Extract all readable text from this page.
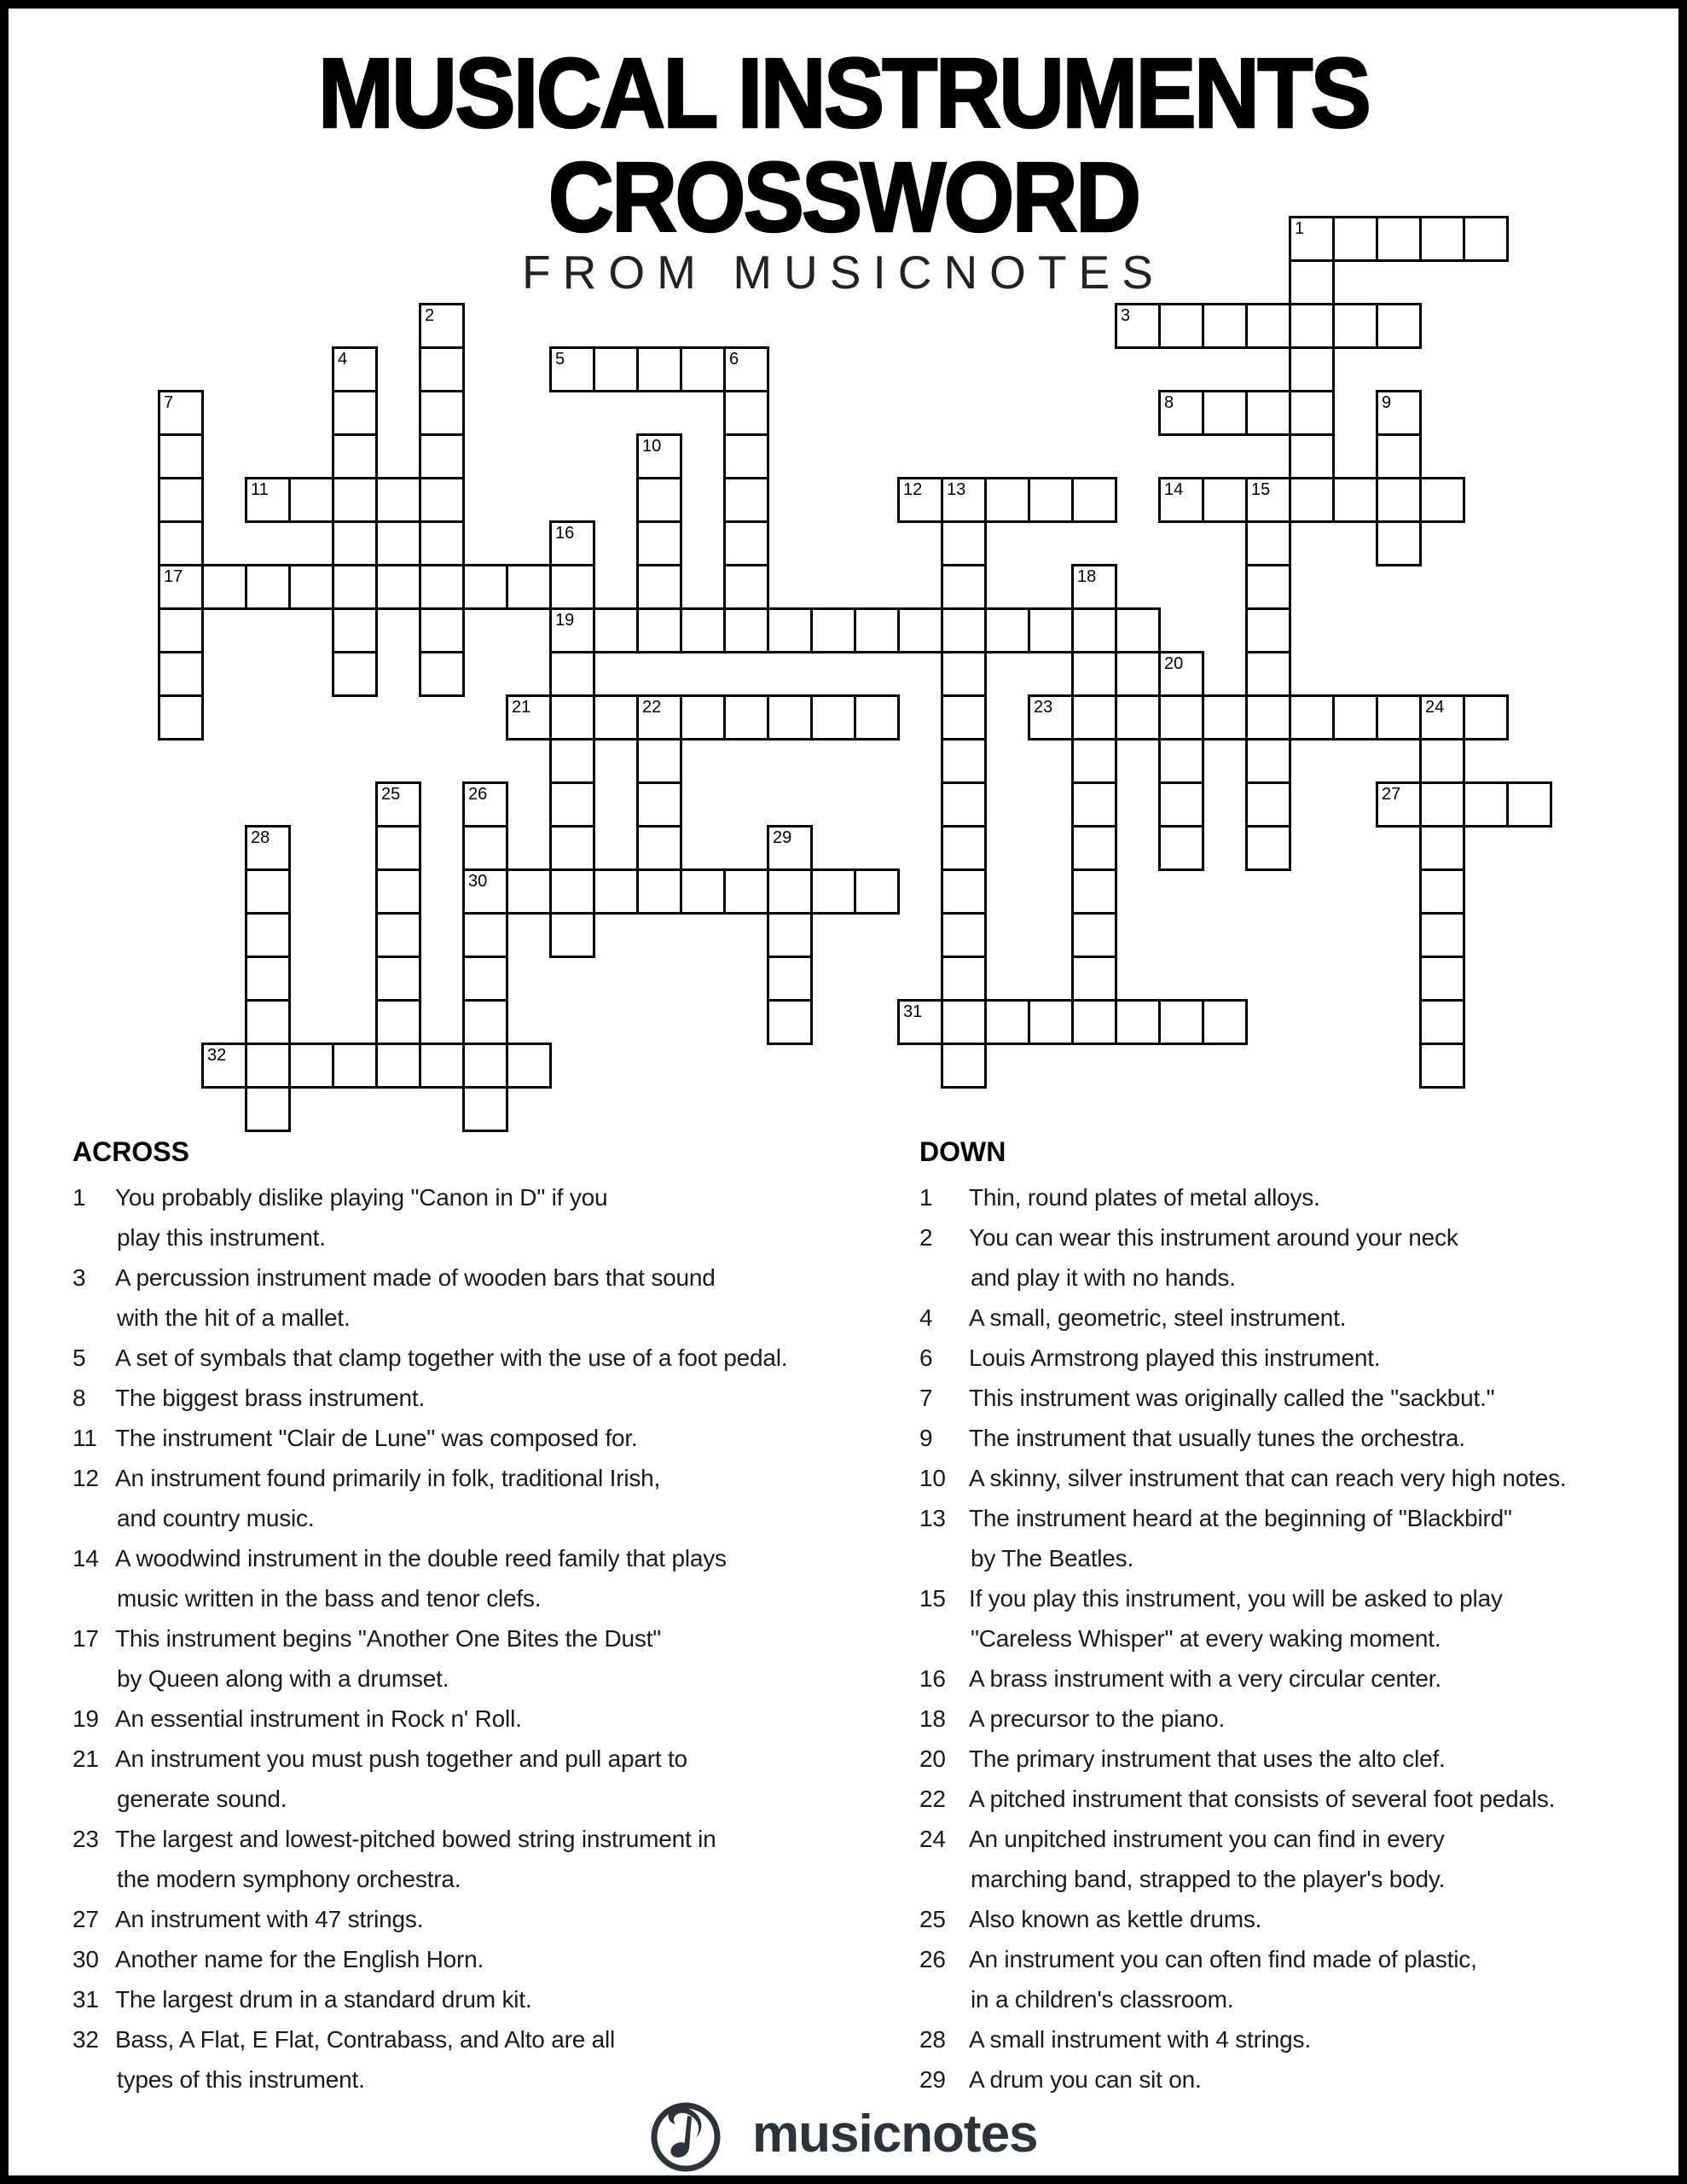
MUSICAL INSTRUMENTS
CROSSWORD
FROM MUSICNOTES
1
3
5	6
8
11	12 13	14	15
17
19
21	22	23	24
27
30
31
32
2
4
7	9
10
16
18
20
25	26
28	29
ACROSS
1 You probably dislike playing "Canon in D" if you
play this instrument.
3 A percussion instrument made of wooden bars that sound
with the hit of a mallet.
5 A set of symbals that clamp together with the use of a foot pedal.
8 The biggest brass instrument.
11 The instrument "Clair de Lune" was composed for.
12 An instrument found primarily in folk, traditional Irish,
and country music.
14 A woodwind instrument in the double reed family that plays
music written in the bass and tenor clefs.
17 This instrument begins "Another One Bites the Dust"
by Queen along with a drumset.
19 An essential instrument in Rock n' Roll.
21 An instrument you must push together and pull apart to
generate sound.
23 The largest and lowest-pitched bowed string instrument in
the modern symphony orchestra.
27 An instrument with 47 strings.
30 Another name for the English Horn.
31 The largest drum in a standard drum kit.
32 Bass, A Flat, E Flat, Contrabass, and Alto are all
types of this instrument.
DOWN
1 Thin, round plates of metal alloys.
2 You can wear this instrument around your neck
and play it with no hands.
4 A small, geometric, steel instrument.
6 Louis Armstrong played this instrument.
7 This instrument was originally called the "sackbut."
9 The instrument that usually tunes the orchestra.
10 A skinny, silver instrument that can reach very high notes.
13 The instrument heard at the beginning of "Blackbird"
by The Beatles.
15 If you play this instrument, you will be asked to play
"Careless Whisper" at every waking moment.
16 A brass instrument with a very circular center.
18 A precursor to the piano.
20 The primary instrument that uses the alto clef.
22 A pitched instrument that consists of several foot pedals.
24 An unpitched instrument you can find in every
marching band, strapped to the player's body.
25 Also known as kettle drums.
26 An instrument you can often find made of plastic,
in a children's classroom.
28 A small instrument with 4 strings.
29 A drum you can sit on.
musicnotes
